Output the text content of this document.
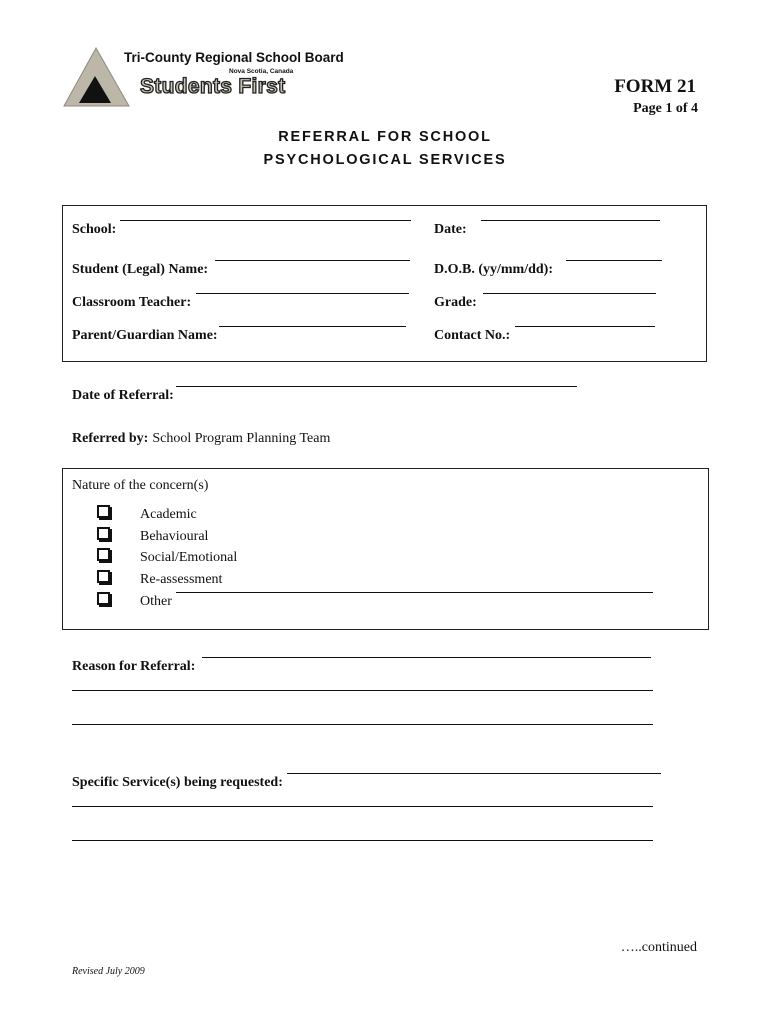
Tri-County Regional School Board
Nova Scotia, Canada
Students First	FORM 21
Page 1 of 4
REFERRAL FOR SCHOOL
PSYCHOLOGICAL SERVICES
School:	Date:
Student (Legal) Name:	D.O.B. (yy/mm/dd):
Classroom Teacher:	Grade:
Parent/Guardian Name:	Contact No.:
Date of Referral:
Referred by: School Program Planning Team
Nature of the concern(s)
Academic
Behavioural
Social/Emotional
Re-assessment
Other
Reason for Referral:
Specific Service(s) being requested:
…..continued
Revised July 2009
